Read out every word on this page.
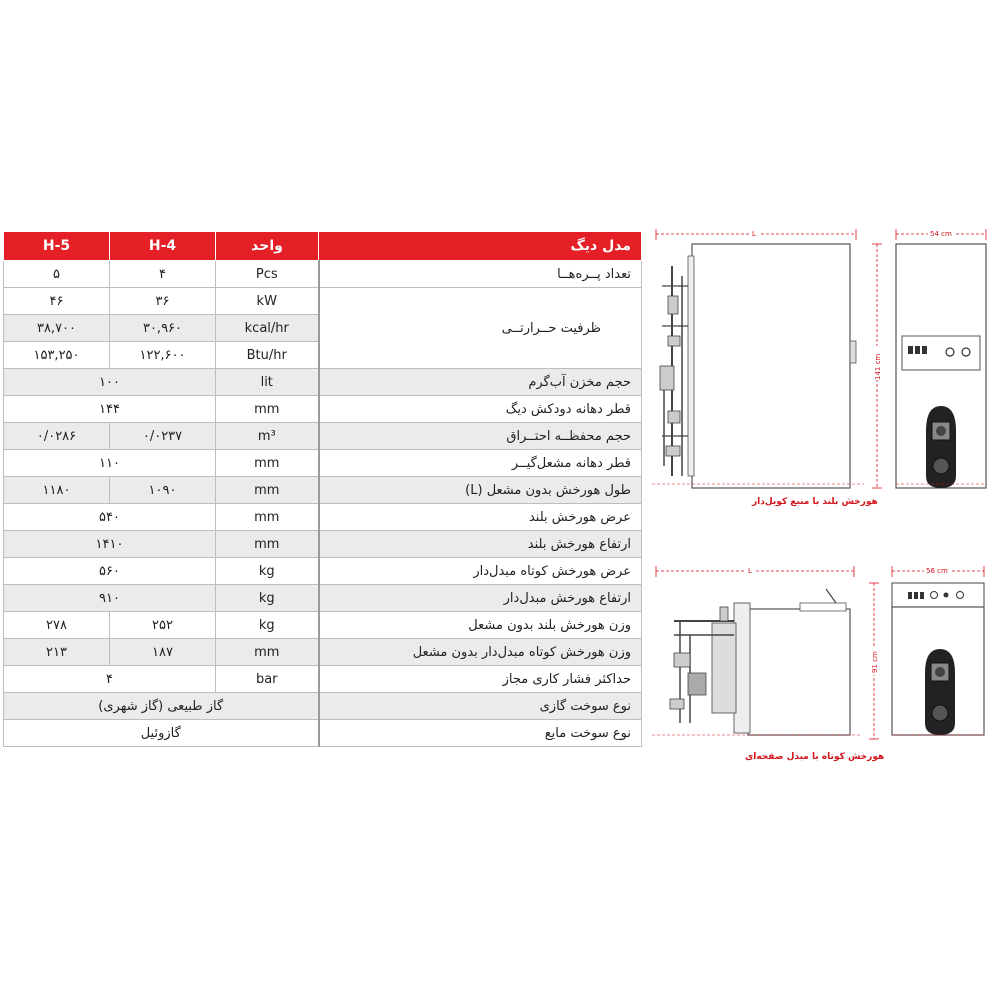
H-5	H-4	واحد	مدل دیگ
۵	۴	Pcs	تعداد پــره‌هــا
۴۶	۳۶	kW	ظرفیت حــرارتــی
۳۸,۷۰۰	۳۰,۹۶۰	kcal/hr	
۱۵۳,۲۵۰	۱۲۲,۶۰۰	Btu/hr	
۱۰۰		lit	حجم مخزن آب‌گرم
۱۴۴		mm	قطر دهانه دودکش دیگ
۰/۰۲۸۶	۰/۰۲۳۷	m³	حجم محفظــه احتــراق
۱۱۰		mm	قطر دهانه مشعل‌گیــر
۱۱۸۰	۱۰۹۰	mm	طول هورخش بدون مشعل (L)
۵۴۰		mm	عرض هورخش بلند
۱۴۱۰		mm	ارتفاع هورخش بلند
۵۶۰		kg	عرض هورخش کوتاه مبدل‌دار
۹۱۰		kg	ارتفاع هورخش مبدل‌دار
۲۷۸	۲۵۲	kg	وزن هورخش بلند بدون مشعل
۲۱۳	۱۸۷	mm	وزن هورخش کوتاه مبدل‌دار بدون مشعل
۴		bar	حداکثر فشار کاری مجاز
گاز طبیعی (گاز شهری)			نوع سوخت گازی
گازوئیل			نوع سوخت مایع
L	54 cm
141 cm
هورخش بلند با منبع کویل‌دار
L	56 cm
91 cm
هورخش کوتاه با مبدل صفحه‌ای
